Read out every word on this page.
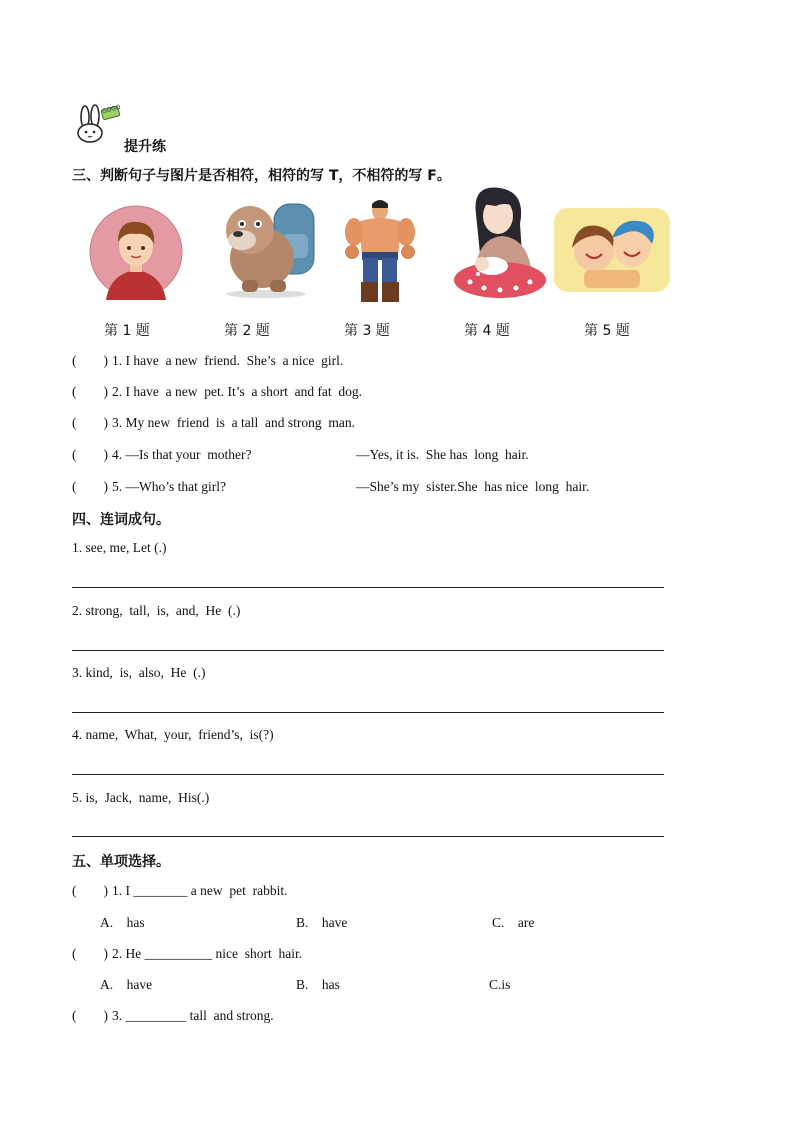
GOGO
提升练
三、判断句子与图片是否相符，相符的写 T，不相符的写 F。
第 1 题	第 2 题	第 3 题	第 4 题	第 5 题
(        ) 1. I have  a new  friend.  She’s  a nice  girl.
(        ) 2. I have  a new  pet. It’s  a short  and fat  dog.
(        ) 3. My new  friend  is  a tall  and strong  man.
(        ) 4. —Is that your  mother?	—Yes, it is.  She has  long  hair.
(        ) 5. —Who’s that girl?	—She’s my  sister.She  has nice  long  hair.
四、连词成句。
1. see, me, Let (.)
2. strong,  tall,  is,  and,  He  (.)
3. kind,  is,  also,  He  (.)
4. name,  What,  your,  friend’s,  is(?)
5. is,  Jack,  name,  His(.)
五、单项选择。
(        ) 1. I ________ a new  pet  rabbit.
A.    has	B.    have	C.    are
(        ) 2. He __________ nice  short  hair.
A.    have	B.    has	C.is
(        ) 3. _________ tall  and strong.
